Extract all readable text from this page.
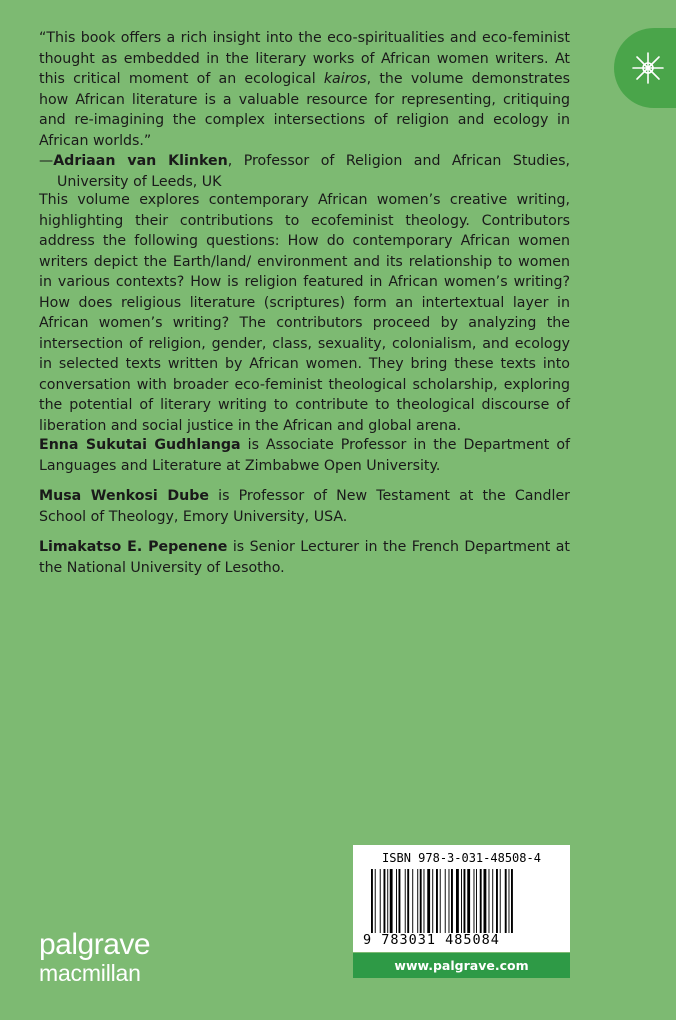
“This book offers a rich insight into the eco-spiritualities and eco-feminist thought as embedded in the literary works of African women writers. At this critical moment of an ecological kairos, the volume demonstrates how African literature is a valuable resource for representing, critiquing and re-imagining the complex intersections of religion and ecology in African worlds.”

—Adriaan van Klinken, Professor of Religion and African Studies, University of Leeds, UK

This volume explores contemporary African women’s creative writing, highlighting their contributions to ecofeminist theology. Contributors address the following questions: How do contemporary African women writers depict the Earth/land/ environment and its relationship to women in various contexts? How is religion featured in African women’s writing? How does religious literature (scriptures) form an intertextual layer in African women’s writing? The contributors proceed by analyzing the intersection of religion, gender, class, sexuality, colonialism, and ecology in selected texts written by African women. They bring these texts into conversation with broader eco-feminist theological scholarship, exploring the potential of literary writing to contribute to theological discourse of liberation and social justice in the African and global arena.

Enna Sukutai Gudhlanga is Associate Professor in the Department of Languages and Literature at Zimbabwe Open University.

Musa Wenkosi Dube is Professor of New Testament at the Candler School of Theology, Emory University, USA.

Limakatso E. Pepenene is Senior Lecturer in the French Department at the National University of Lesotho.

palgrave
macmillan
ISBN 978-3-031-48508-4
9 783031 485084
www.palgrave.com
